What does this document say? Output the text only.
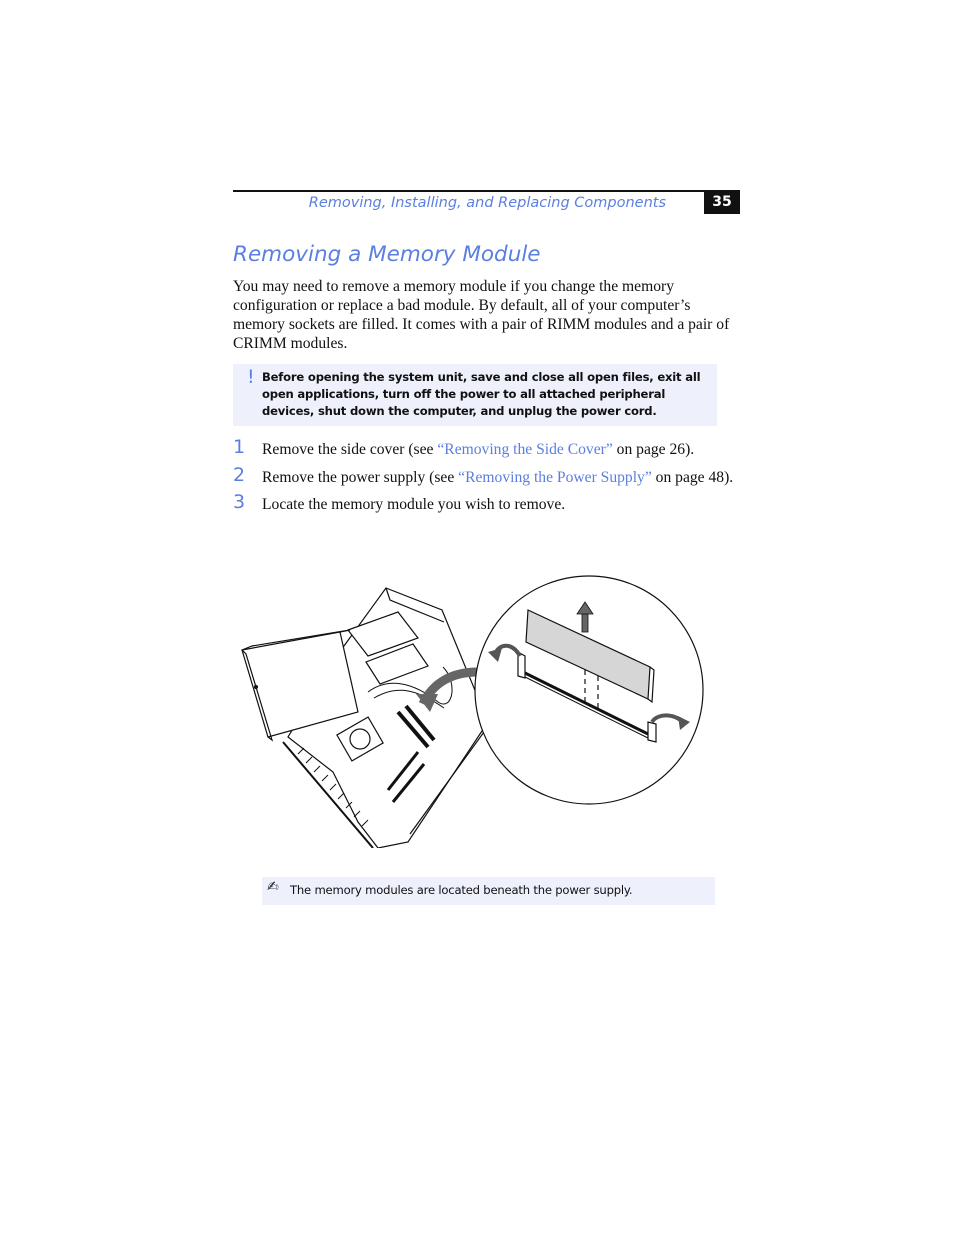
Removing, Installing, and Replacing Components	35
Removing a Memory Module

You may need to remove a memory module if you change the memory configuration or replace a bad module. By default, all of your computer’s memory sockets are filled. It comes with a pair of RIMM modules and a pair of CRIMM modules.

! Before opening the system unit, save and close all open files, exit all open applications, turn off the power to all attached peripheral devices, shut down the computer, and unplug the power cord.

1 Remove the side cover (see “Removing the Side Cover” on page 26).
2 Remove the power supply (see “Removing the Power Supply” on page 48).
3 Locate the memory module you wish to remove.
✍ The memory modules are located beneath the power supply.
